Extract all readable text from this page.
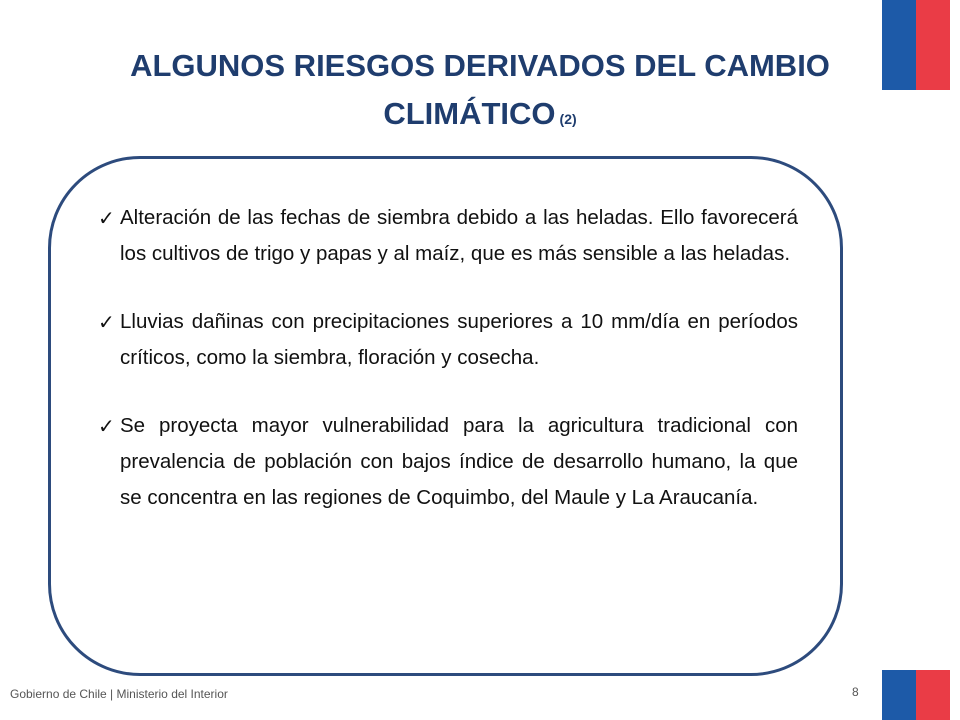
ALGUNOS RIESGOS DERIVADOS DEL CAMBIO
CLIMÁTICO (2)
✓ Alteración de las fechas de siembra debido a las heladas. Ello favorecerá los cultivos de trigo y papas y al maíz, que es más sensible a las heladas.
✓ Lluvias dañinas con precipitaciones superiores a 10 mm/día en períodos críticos, como la siembra, floración y cosecha.
✓ Se proyecta mayor vulnerabilidad para la agricultura tradicional con prevalencia de población con bajos índice de desarrollo humano, la que se concentra en las regiones de Coquimbo, del Maule y La Araucanía.
Gobierno de Chile | Ministerio del Interior	8
